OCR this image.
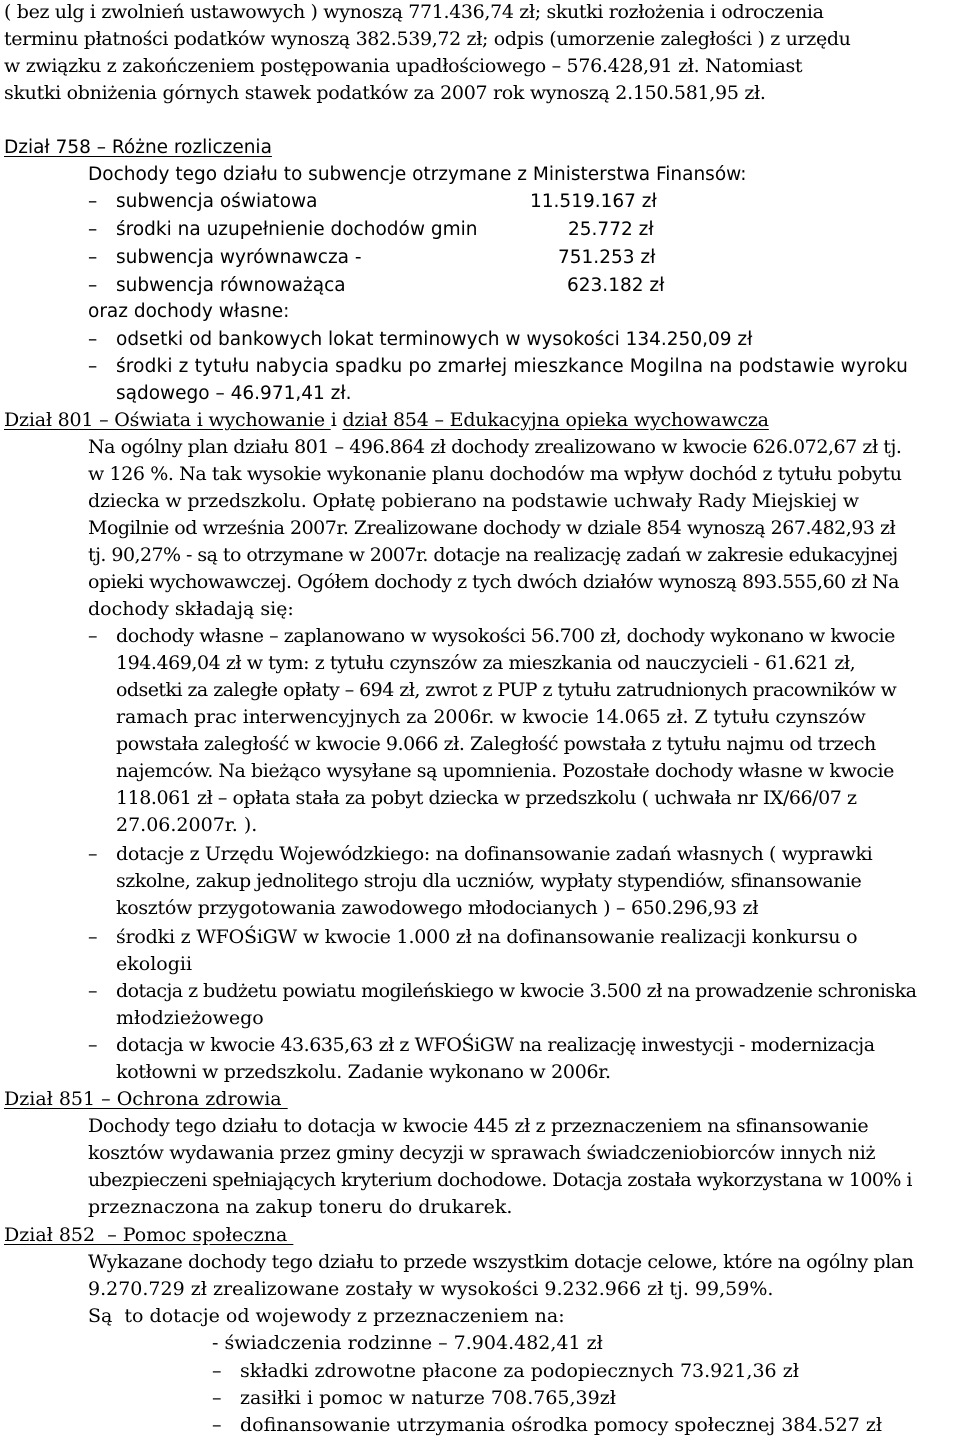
( bez ulg i zwolnień ustawowych ) wynoszą 771.436,74 zł; skutki rozłożenia i odroczenia
terminu płatności podatków wynoszą 382.539,72 zł; odpis (umorzenie zaległości ) z urzędu
w związku z zakończeniem postępowania upadłościowego – 576.428,91 zł. Natomiast
skutki obniżenia górnych stawek podatków za 2007 rok wynoszą 2.150.581,95 zł.
Dział 758 – Różne rozliczenia
Dochody tego działu to subwencje otrzymane z Ministerstwa Finansów:
– subwencja oświatowa	11.519.167 zł
– środki na uzupełnienie dochodów gmin	25.772 zł
– subwencja wyrównawcza -	751.253 zł
– subwencja równoważąca	623.182 zł
oraz dochody własne:
– odsetki od bankowych lokat terminowych w wysokości 134.250,09 zł
– środki z tytułu nabycia spadku po zmarłej mieszkance Mogilna na podstawie wyroku
sądowego – 46.971,41 zł.
Dział 801 – Oświata i wychowanie i dział 854 – Edukacyjna opieka wychowawcza
Na ogólny plan działu 801 – 496.864 zł dochody zrealizowano w kwocie 626.072,67 zł tj.
w 126 %. Na tak wysokie wykonanie planu dochodów ma wpływ dochód z tytułu pobytu
dziecka w przedszkolu. Opłatę pobierano na podstawie uchwały Rady Miejskiej w
Mogilnie od września 2007r. Zrealizowane dochody w dziale 854 wynoszą 267.482,93 zł
tj. 90,27% - są to otrzymane w 2007r. dotacje na realizację zadań w zakresie edukacyjnej
opieki wychowawczej. Ogółem dochody z tych dwóch działów wynoszą 893.555,60 zł Na
dochody składają się:
– dochody własne – zaplanowano w wysokości 56.700 zł, dochody wykonano w kwocie
194.469,04 zł w tym: z tytułu czynszów za mieszkania od nauczycieli - 61.621 zł,
odsetki za zaległe opłaty – 694 zł, zwrot z PUP z tytułu zatrudnionych pracowników w
ramach prac interwencyjnych za 2006r. w kwocie 14.065 zł. Z tytułu czynszów
powstała zaległość w kwocie 9.066 zł. Zaległość powstała z tytułu najmu od trzech
najemców. Na bieżąco wysyłane są upomnienia. Pozostałe dochody własne w kwocie
118.061 zł – opłata stała za pobyt dziecka w przedszkolu ( uchwała nr IX/66/07 z
27.06.2007r. ).
– dotacje z Urzędu Wojewódzkiego: na dofinansowanie zadań własnych ( wyprawki
szkolne, zakup jednolitego stroju dla uczniów, wypłaty stypendiów, sfinansowanie
kosztów przygotowania zawodowego młodocianych ) – 650.296,93 zł
– środki z WFOŚiGW w kwocie 1.000 zł na dofinansowanie realizacji konkursu o
ekologii
– dotacja z budżetu powiatu mogileńskiego w kwocie 3.500 zł na prowadzenie schroniska
młodzieżowego
– dotacja w kwocie 43.635,63 zł z WFOŚiGW na realizację inwestycji - modernizacja
kotłowni w przedszkolu. Zadanie wykonano w 2006r.
Dział 851 – Ochrona zdrowia
Dochody tego działu to dotacja w kwocie 445 zł z przeznaczeniem na sfinansowanie
kosztów wydawania przez gminy decyzji w sprawach świadczeniobiorców innych niż
ubezpieczeni spełniających kryterium dochodowe. Dotacja została wykorzystana w 100% i
przeznaczona na zakup toneru do drukarek.
Dział 852  – Pomoc społeczna
Wykazane dochody tego działu to przede wszystkim dotacje celowe, które na ogólny plan
9.270.729 zł zrealizowane zostały w wysokości 9.232.966 zł tj. 99,59%.
Są  to dotacje od wojewody z przeznaczeniem na:
- świadczenia rodzinne – 7.904.482,41 zł
– składki zdrowotne płacone za podopiecznych 73.921,36 zł
– zasiłki i pomoc w naturze 708.765,39zł
– dofinansowanie utrzymania ośrodka pomocy społecznej 384.527 zł
